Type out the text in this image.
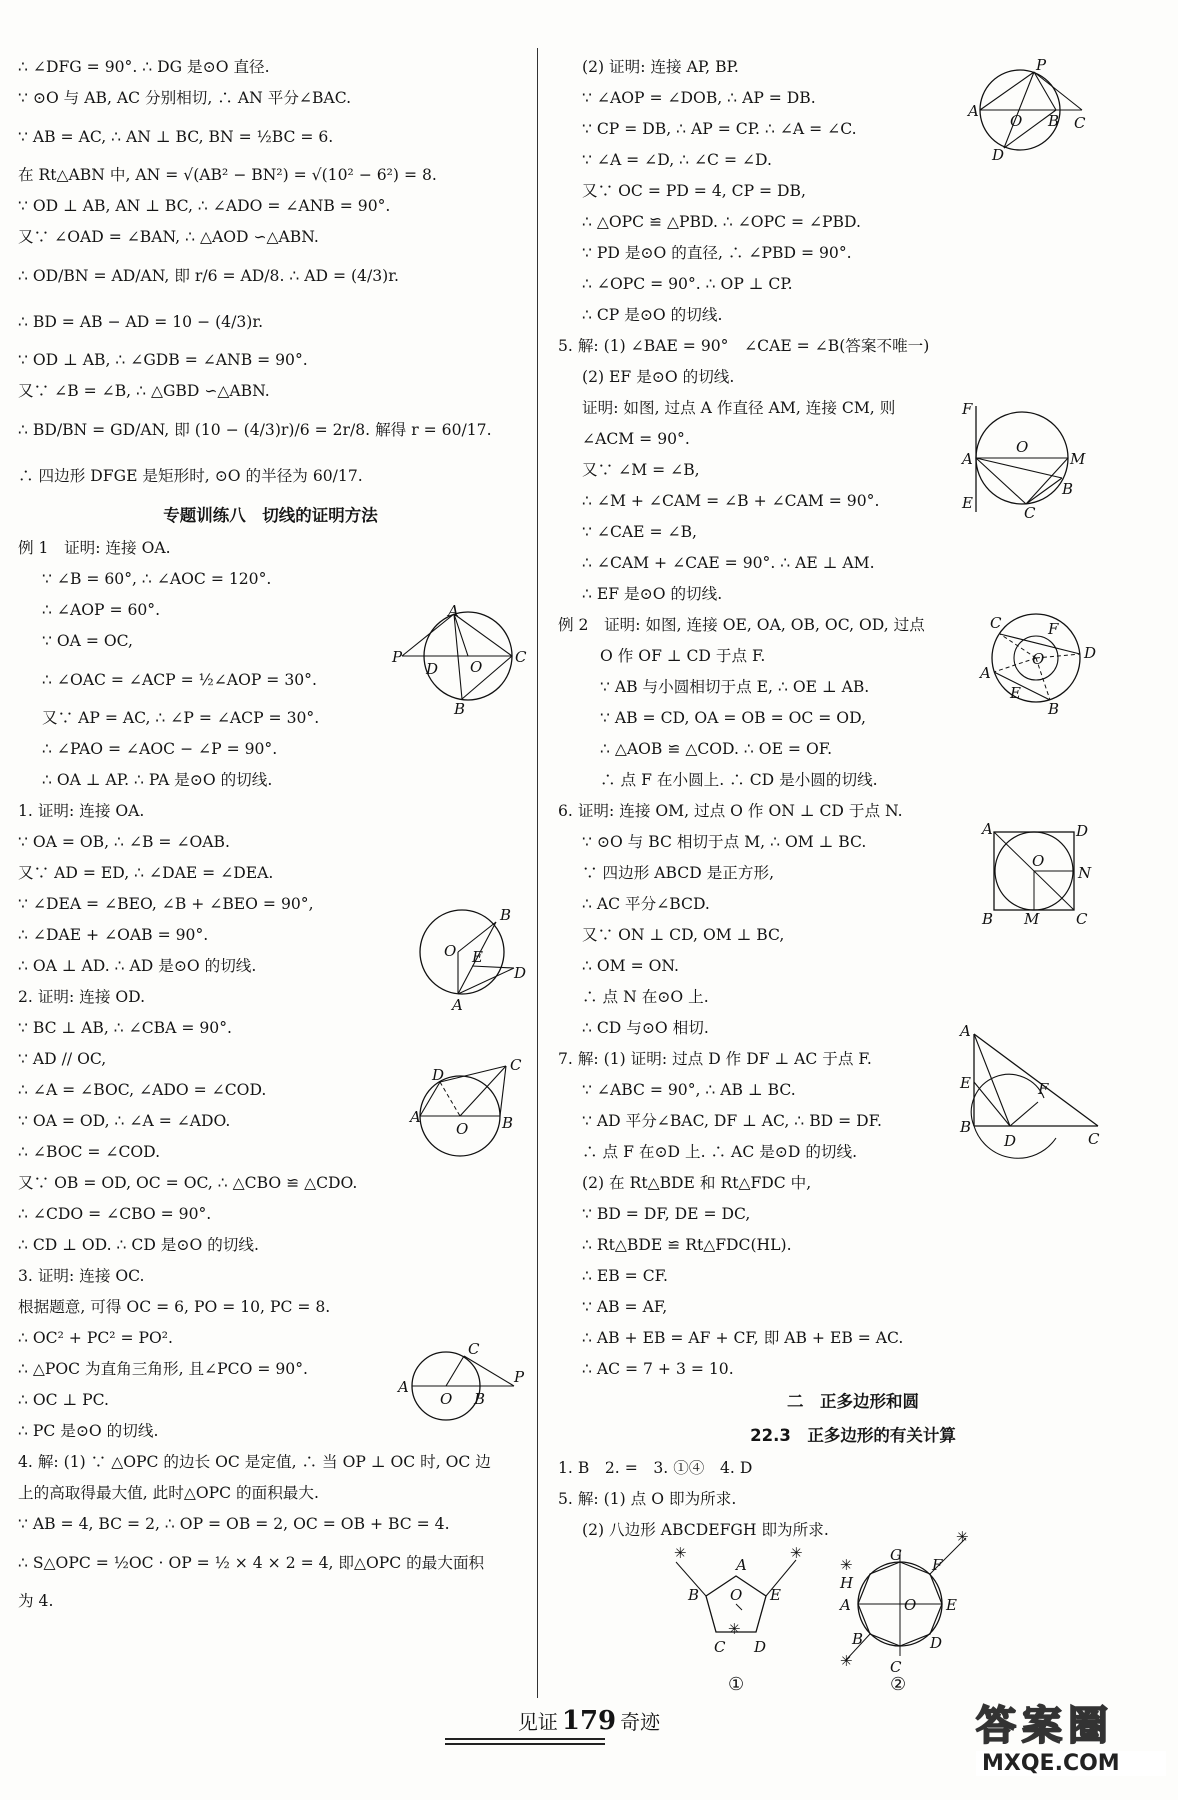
∴ ∠DFG = 90°. ∴ DG 是⊙O 直径.
∵ ⊙O 与 AB, AC 分别相切, ∴ AN 平分∠BAC.
∵ AB = AC, ∴ AN ⊥ BC, BN = ½BC = 6.
在 Rt△ABN 中, AN = √(AB² − BN²) = √(10² − 6²) = 8.
∵ OD ⊥ AB, AN ⊥ BC, ∴ ∠ADO = ∠ANB = 90°.
又∵ ∠OAD = ∠BAN, ∴ △AOD ∽△ABN.
∴ OD/BN = AD/AN, 即 r/6 = AD/8. ∴ AD = (4/3)r.
∴ BD = AB − AD = 10 − (4/3)r.
∵ OD ⊥ AB, ∴ ∠GDB = ∠ANB = 90°.
又∵ ∠B = ∠B, ∴ △GBD ∽△ABN.
∴ BD/BN = GD/AN, 即 (10 − (4/3)r)/6 = 2r/8. 解得 r = 60/17.
∴ 四边形 DFGE 是矩形时, ⊙O 的半径为 60/17.
专题训练八　切线的证明方法
例 1　证明: 连接 OA.
∵ ∠B = 60°, ∴ ∠AOC = 120°.
∴ ∠AOP = 60°.
∵ OA = OC,
∴ ∠OAC = ∠ACP = ½∠AOP = 30°.
又∵ AP = AC, ∴ ∠P = ∠ACP = 30°.
∴ ∠PAO = ∠AOC − ∠P = 90°.
∴ OA ⊥ AP. ∴ PA 是⊙O 的切线.
1. 证明: 连接 OA.
∵ OA = OB, ∴ ∠B = ∠OAB.
又∵ AD = ED, ∴ ∠DAE = ∠DEA.
∵ ∠DEA = ∠BEO, ∠B + ∠BEO = 90°,
∴ ∠DAE + ∠OAB = 90°.
∴ OA ⊥ AD. ∴ AD 是⊙O 的切线.
2. 证明: 连接 OD.
∵ BC ⊥ AB, ∴ ∠CBA = 90°.
∵ AD // OC,
∴ ∠A = ∠BOC, ∠ADO = ∠COD.
∵ OA = OD, ∴ ∠A = ∠ADO.
∴ ∠BOC = ∠COD.
又∵ OB = OD, OC = OC, ∴ △CBO ≌ △CDO.
∴ ∠CDO = ∠CBO = 90°.
∴ CD ⊥ OD. ∴ CD 是⊙O 的切线.
3. 证明: 连接 OC.
根据题意, 可得 OC = 6, PO = 10, PC = 8.
∴ OC² + PC² = PO².
∴ △POC 为直角三角形, 且∠PCO = 90°.
∴ OC ⊥ PC.
∴ PC 是⊙O 的切线.
4. 解: (1) ∵ △OPC 的边长 OC 是定值, ∴ 当 OP ⊥ OC 时, OC 边
上的高取得最大值, 此时△OPC 的面积最大.
∵ AB = 4, BC = 2, ∴ OP = OB = 2, OC = OB + BC = 4.
∴ S△OPC = ½OC · OP = ½ × 4 × 2 = 4, 即△OPC 的最大面积
为 4.
(2) 证明: 连接 AP, BP.
∵ ∠AOP = ∠DOB, ∴ AP = DB.
∵ CP = DB, ∴ AP = CP. ∴ ∠A = ∠C.
∵ ∠A = ∠D, ∴ ∠C = ∠D.
又∵ OC = PD = 4, CP = DB,
∴ △OPC ≌ △PBD. ∴ ∠OPC = ∠PBD.
∵ PD 是⊙O 的直径, ∴ ∠PBD = 90°.
∴ ∠OPC = 90°. ∴ OP ⊥ CP.
∴ CP 是⊙O 的切线.
5. 解: (1) ∠BAE = 90°　∠CAE = ∠B(答案不唯一)
(2) EF 是⊙O 的切线.
证明: 如图, 过点 A 作直径 AM, 连接 CM, 则
∠ACM = 90°.
又∵ ∠M = ∠B,
∴ ∠M + ∠CAM = ∠B + ∠CAM = 90°.
∵ ∠CAE = ∠B,
∴ ∠CAM + ∠CAE = 90°. ∴ AE ⊥ AM.
∴ EF 是⊙O 的切线.
例 2　证明: 如图, 连接 OE, OA, OB, OC, OD, 过点
O 作 OF ⊥ CD 于点 F.
∵ AB 与小圆相切于点 E, ∴ OE ⊥ AB.
∵ AB = CD, OA = OB = OC = OD,
∴ △AOB ≌ △COD. ∴ OE = OF.
∴ 点 F 在小圆上. ∴ CD 是小圆的切线.
6. 证明: 连接 OM, 过点 O 作 ON ⊥ CD 于点 N.
∵ ⊙O 与 BC 相切于点 M, ∴ OM ⊥ BC.
∵ 四边形 ABCD 是正方形,
∴ AC 平分∠BCD.
又∵ ON ⊥ CD, OM ⊥ BC,
∴ OM = ON.
∴ 点 N 在⊙O 上.
∴ CD 与⊙O 相切.
7. 解: (1) 证明: 过点 D 作 DF ⊥ AC 于点 F.
∵ ∠ABC = 90°, ∴ AB ⊥ BC.
∵ AD 平分∠BAC, DF ⊥ AC, ∴ BD = DF.
∴ 点 F 在⊙D 上. ∴ AC 是⊙D 的切线.
(2) 在 Rt△BDE 和 Rt△FDC 中,
∵ BD = DF, DE = DC,
∴ Rt△BDE ≌ Rt△FDC(HL).
∴ EB = CF.
∵ AB = AF,
∴ AB + EB = AF + CF, 即 AB + EB = AC.
∴ AC = 7 + 3 = 10.
二　正多边形和圆
22.3　正多边形的有关计算
1. B　2. =　3. ①④　4. D
5. 解: (1) 点 O 即为所求.
(2) 八边形 ABCDEFGH 即为所求.
P
D
A
O
C
B
B
O E
D
A
D
C
A
O B
A
O
C
B
P
A
O
P
B C
D
F
A
E
O
M
B
C
C	F
D
A
O
E
B
A	D
O
N
B M C
A
E	F
B
D	C
✳	✳
✳
A
B O E
C D
①
✳
✳
✳
G
F
H
A	O E
B	D
C
②
见证 179 奇迹	答案圈
MXQE.COM
